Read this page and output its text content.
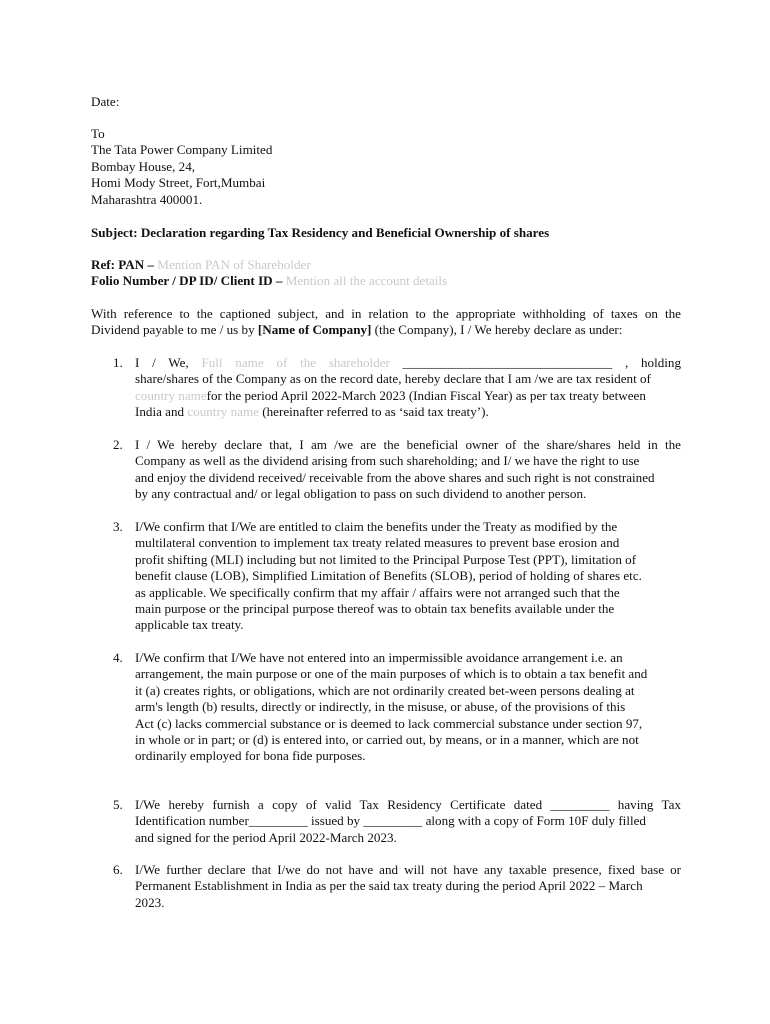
Date:
To
The Tata Power Company Limited
Bombay House, 24,
Homi Mody Street, Fort,Mumbai
Maharashtra 400001.
Subject: Declaration regarding Tax Residency and Beneficial Ownership of shares
Ref: PAN – Mention PAN of Shareholder
Folio Number / DP ID/ Client ID – Mention all the account details
With reference to the captioned subject, and in relation to the appropriate withholding of taxes on the
Dividend payable to me / us by [Name of Company] (the Company), I / We hereby declare as under:
1. I / We, Full name of the shareholder ________________________________ , holding
share/shares of the Company as on the record date, hereby declare that I am /we are tax resident of
country namefor the period April 2022-March 2023 (Indian Fiscal Year) as per tax treaty between
India and country name (hereinafter referred to as ‘said tax treaty’).
2. I / We hereby declare that, I am /we are the beneficial owner of the share/shares held in the
Company as well as the dividend arising from such shareholding; and I/ we have the right to use
and enjoy the dividend received/ receivable from the above shares and such right is not constrained
by any contractual and/ or legal obligation to pass on such dividend to another person.
3. I/We confirm that I/We are entitled to claim the benefits under the Treaty as modified by the
multilateral convention to implement tax treaty related measures to prevent base erosion and
profit shifting (MLI) including but not limited to the Principal Purpose Test (PPT), limitation of
benefit clause (LOB), Simplified Limitation of Benefits (SLOB), period of holding of shares etc.
as applicable. We specifically confirm that my affair / affairs were not arranged such that the
main purpose or the principal purpose thereof was to obtain tax benefits available under the
applicable tax treaty.
4. I/We confirm that I/We have not entered into an impermissible avoidance arrangement i.e. an
arrangement, the main purpose or one of the main purposes of which is to obtain a tax benefit and
it (a) creates rights, or obligations, which are not ordinarily created bet-ween persons dealing at
arm's length (b) results, directly or indirectly, in the misuse, or abuse, of the provisions of this
Act (c) lacks commercial substance or is deemed to lack commercial substance under section 97,
in whole or in part; or (d) is entered into, or carried out, by means, or in a manner, which are not
ordinarily employed for bona fide purposes.
5. I/We hereby furnish a copy of valid Tax Residency Certificate dated _________ having Tax
Identification number_________ issued by _________ along with a copy of Form 10F duly filled
and signed for the period April 2022-March 2023.
6. I/We further declare that I/we do not have and will not have any taxable presence, fixed base or
Permanent Establishment in India as per the said tax treaty during the period April 2022 – March
2023.
